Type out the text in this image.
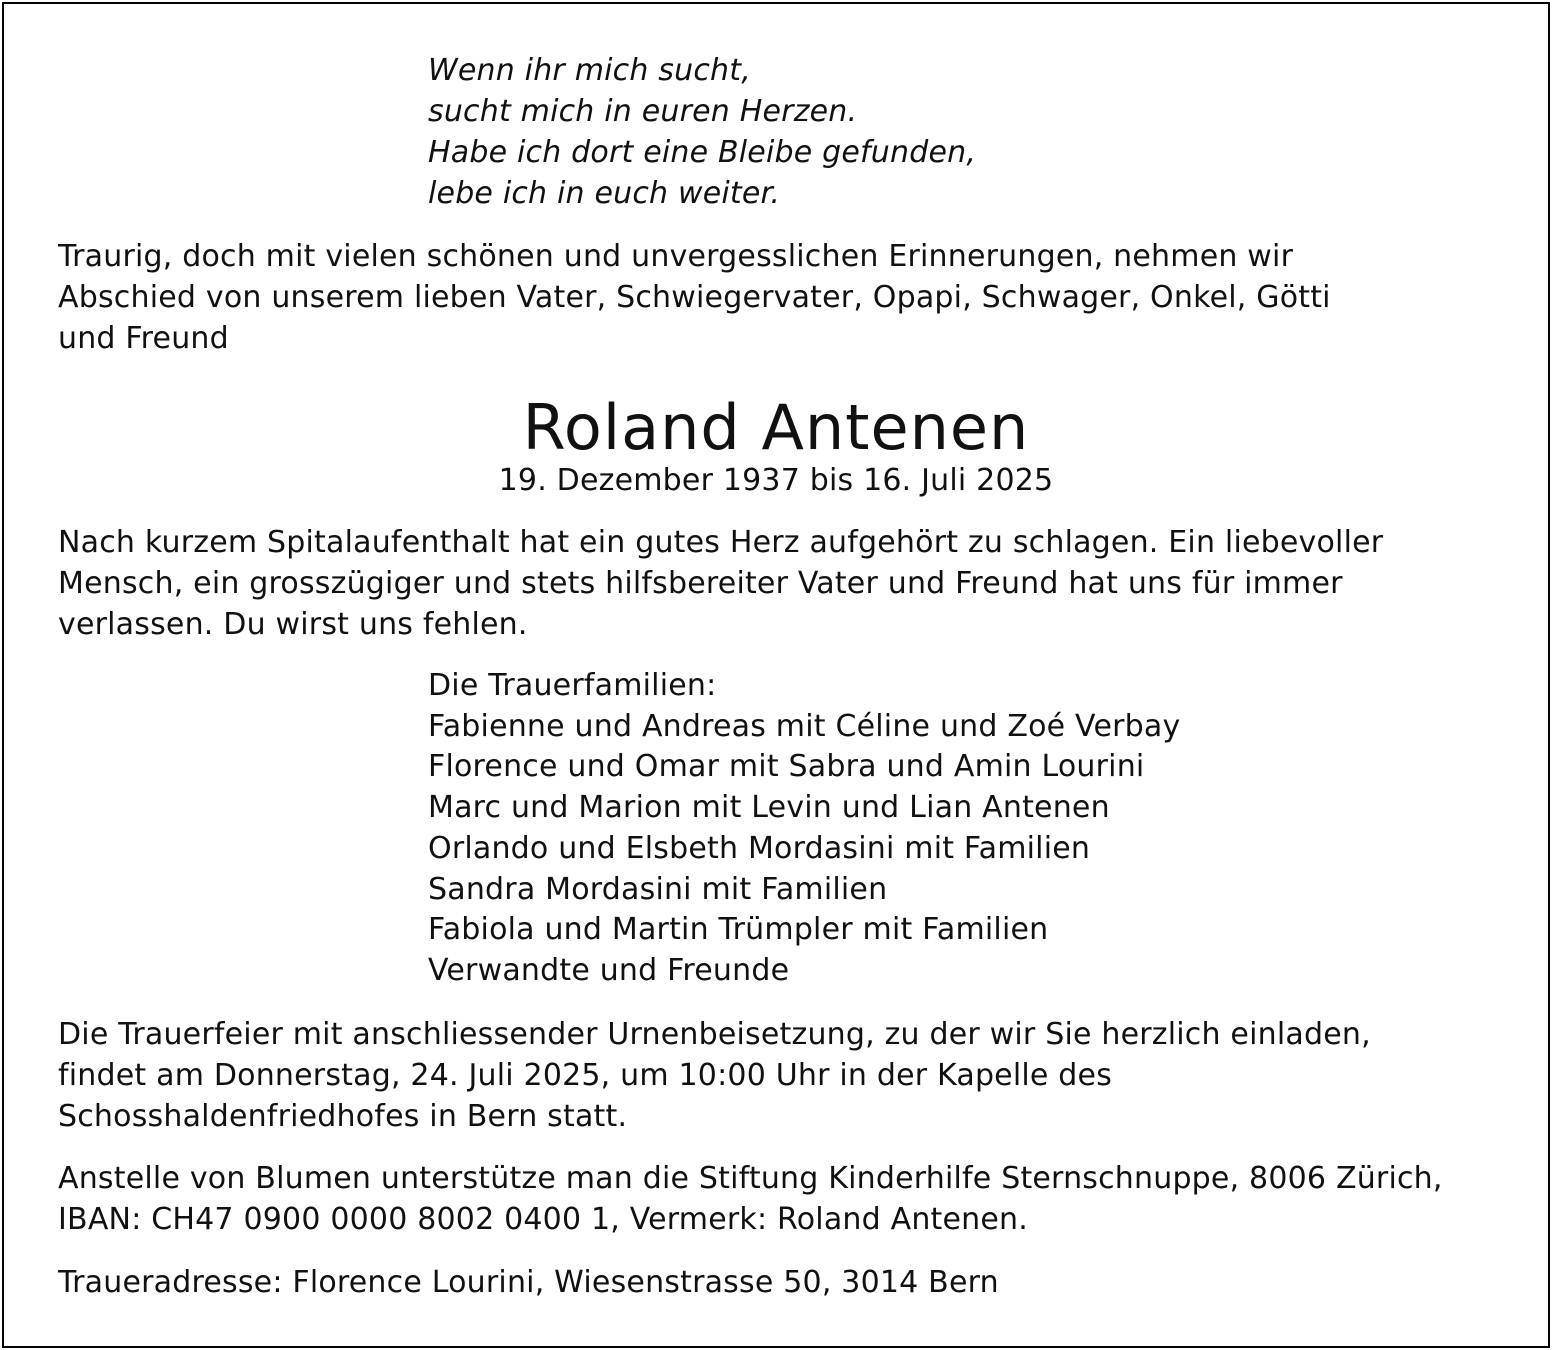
Wenn ihr mich sucht,
sucht mich in euren Herzen.
Habe ich dort eine Bleibe gefunden,
lebe ich in euch weiter.
Traurig, doch mit vielen schönen und unvergesslichen Erinnerungen, nehmen wir
Abschied von unserem lieben Vater, Schwiegervater, Opapi, Schwager, Onkel, Götti
und Freund
Roland Antenen
19. Dezember 1937 bis 16. Juli 2025
Nach kurzem Spitalaufenthalt hat ein gutes Herz aufgehört zu schlagen. Ein liebevoller
Mensch, ein grosszügiger und stets hilfsbereiter Vater und Freund hat uns für immer
verlassen. Du wirst uns fehlen.
Die Trauerfamilien:
Fabienne und Andreas mit Céline und Zoé Verbay
Florence und Omar mit Sabra und Amin Lourini
Marc und Marion mit Levin und Lian Antenen
Orlando und Elsbeth Mordasini mit Familien
Sandra Mordasini mit Familien
Fabiola und Martin Trümpler mit Familien
Verwandte und Freunde
Die Trauerfeier mit anschliessender Urnenbeisetzung, zu der wir Sie herzlich einladen,
findet am Donnerstag, 24. Juli 2025, um 10:00 Uhr in der Kapelle des
Schosshaldenfriedhofes in Bern statt.
Anstelle von Blumen unterstütze man die Stiftung Kinderhilfe Sternschnuppe, 8006 Zürich,
IBAN: CH47 0900 0000 8002 0400 1, Vermerk: Roland Antenen.
Traueradresse: Florence Lourini, Wiesenstrasse 50, 3014 Bern
